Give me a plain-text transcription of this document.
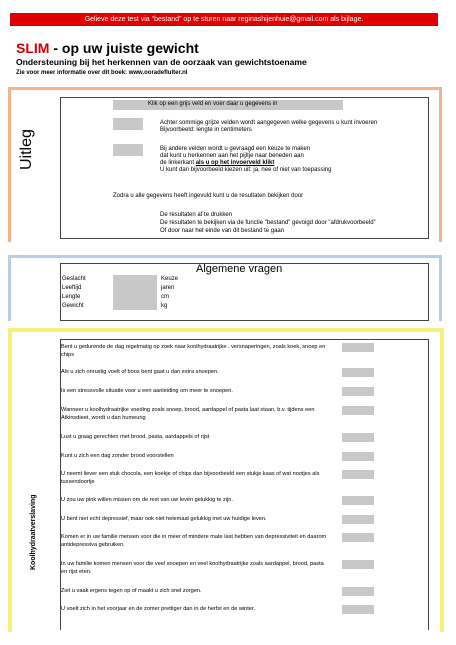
Gelieve deze test via "bestand" op te sturen naar reginashijenhuie@gmail.com als bijlage.
SLIM - op uw juiste gewicht
Ondersteuning bij het herkennen van de oorzaak van gewichtstoename
Zie voor meer informatie over dit boek: www.ooradeflulter.nl
Uitleg
Klik op een grijs veld en voer daar u gegevens in
Achter sommige grijze velden wordt aangegeven welke gegevens u kunt invoeren
Bijvoorbeeld: lengte in centimeters
Bij andere velden wordt u gevraagd een keuze te maken
dat kunt u herkennen aan het pijltje naar beneden aan
de linkerkant als u op het invoerveld klikt
U kunt dan bijvoorbeeld kiezen uit: ja, nee of niet van toepassing
Zodra u alle gegevens heeft ingevuld kunt u de resultaten bekijken door
De resultaten af te drukken
De resultaten te bekijken via de functie "bestand" gevoigd door "afdrukvoorbeeld"
Of door naar het einde van dit bestand te gaan
Algemene vragen
Geslacht	Keuze
Leeftijd	jaren
Lengte	cm
Gewicht	kg
Koolhydraatverslaving
Bent u gedurende de dag regelmatig op zoek naar koolhydraatrijke . versnaperingen, zoals koek, snoep en chips
Als u zich onrustig voelt of boos bent gaat u dan extra snoepen.
Is een stressvolle situatie voor u een aanleiding om meer te snoepen.
Wanneer u koolhydraatrijke voeding zoals snoep, brood, aardappel of pasta laat staan, b.v. tijdens een Atkinsdieet, wordt u dan humeurig
Lust u graag gerechten met brood, pasta, aardappels of rijst
Kunt u zich een dag zonder brood voorstellen
U neemt liever een stuk chocola, een koekje of chips dan bijvoorbeeld een stukje kaas of wat nootjes als tussendoortje
U zou uw pink willen missen om de rest van uw leven gelukkig te zijn.
U bent niet echt depressief, maar ook niet helemaal gelukkig met uw huidige leven.
Komen er in uw familie mensen voor die in meer of mindere mate last hebben van depressiviteit en daarom antidepressiva gebruiken.
In uw familie komen mensen voor die veel snoepen en veel koolhydraatrijke zoals aardappel, brood, pasta en rijst eten.
Ziet u vaak ergens tegen op of maakt u zich snel zorgen.
U voelt zich in het voorjaar en de zomer prettiger dan in de herfst en de winter.
